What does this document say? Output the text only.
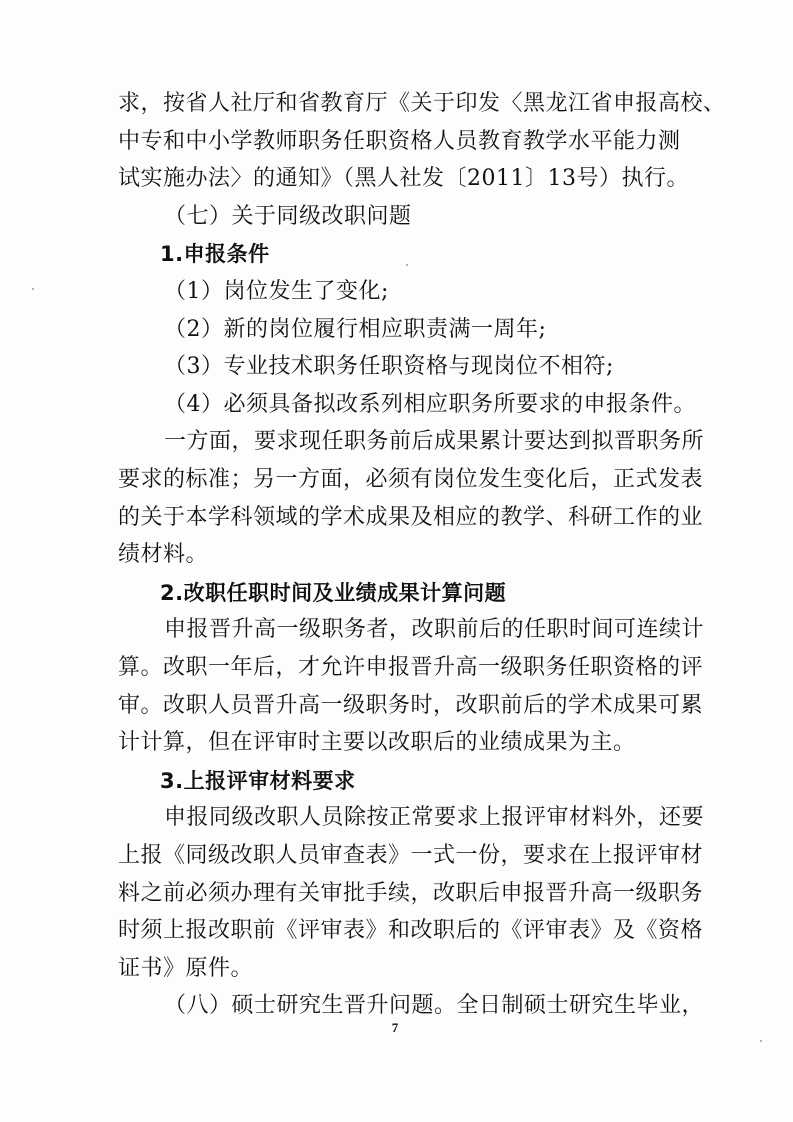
求，按省人社厅和省教育厅《关于印发〈黑龙江省申报高校、
中专和中小学教师职务任职资格人员教育教学水平能力测
试实施办法〉的通知》（黑人社发〔2011〕13号）执行。
（七）关于同级改职问题
1.申报条件
（1）岗位发生了变化;
（2）新的岗位履行相应职责满一周年;
（3）专业技术职务任职资格与现岗位不相符;
（4）必须具备拟改系列相应职务所要求的申报条件。
一方面，要求现任职务前后成果累计要达到拟晋职务所
要求的标准；另一方面，必须有岗位发生变化后，正式发表
的关于本学科领域的学术成果及相应的教学、科研工作的业
绩材料。
2.改职任职时间及业绩成果计算问题
申报晋升高一级职务者，改职前后的任职时间可连续计
算。改职一年后，才允许申报晋升高一级职务任职资格的评
审。改职人员晋升高一级职务时，改职前后的学术成果可累
计计算，但在评审时主要以改职后的业绩成果为主。
3.上报评审材料要求
申报同级改职人员除按正常要求上报评审材料外，还要
上报《同级改职人员审查表》一式一份，要求在上报评审材
料之前必须办理有关审批手续，改职后申报晋升高一级职务
时须上报改职前《评审表》和改职后的《评审表》及《资格
证书》原件。
（八）硕士研究生晋升问题。全日制硕士研究生毕业，
7
